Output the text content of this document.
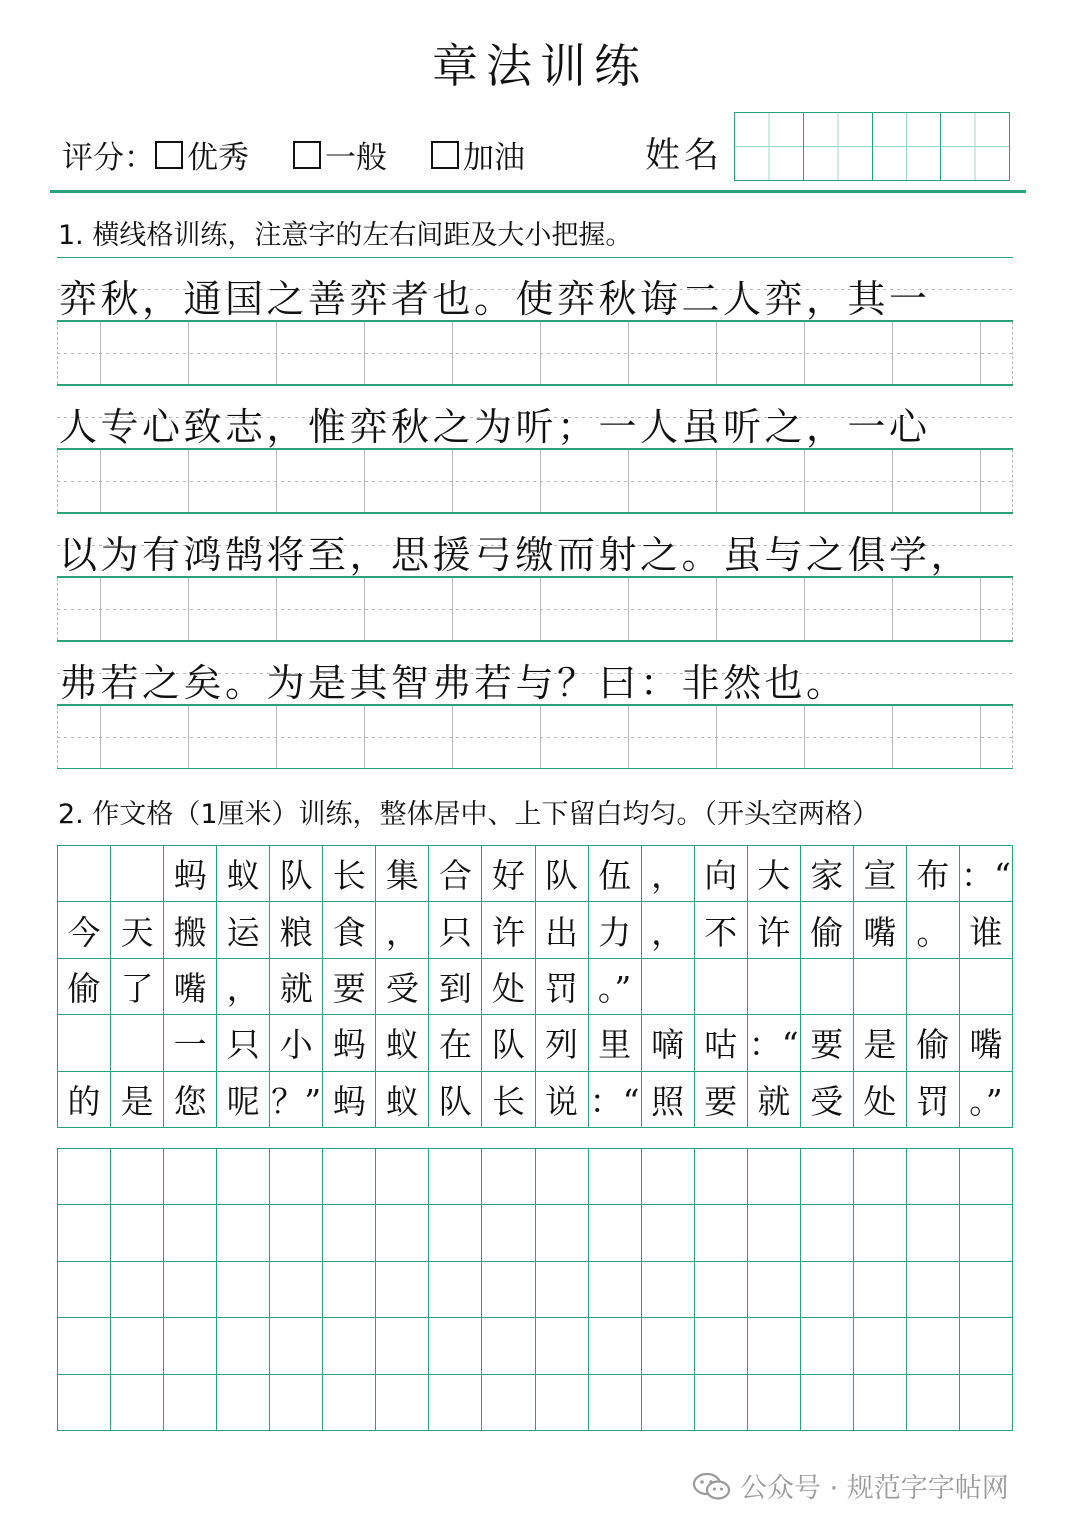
章法训练
评分： 优秀 一般 加油	姓名
1. 横线格训练，注意字的左右间距及大小把握。
弈秋，通国之善弈者也。使弈秋诲二人弈，其一
人专心致志，惟弈秋之为听；一人虽听之，一心
以为有鸿鹄将至，思援弓缴而射之。虽与之俱学，
弗若之矣。为是其智弗若与？曰：非然也。
2. 作文格（1厘米）训练，整体居中、上下留白均匀。（开头空两格）
蚂 蚁 队 长 集 合 好 队 伍 ， 向 大 家 宣 布 ：“
今 天 搬 运 粮 食 ， 只 许 出 力 ， 不 许 偷 嘴 。 谁
偷 了 嘴 ， 就 要 受 到 处 罚 。”
一 只 小 蚂 蚁 在 队 列 里 嘀 咕 ：“ 要 是 偷 嘴
的 是 您 呢 ？” 蚂 蚁 队 长 说 ：“ 照 要 就 受 处 罚 。”
公众号 · 规范字字帖网
